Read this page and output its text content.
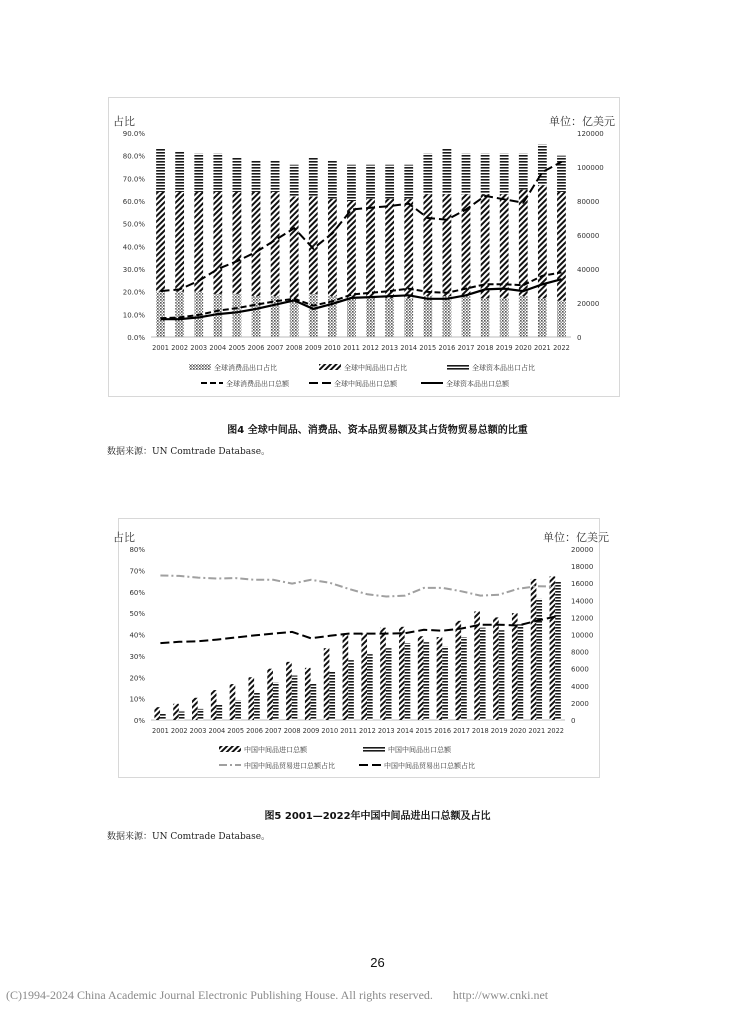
占比	单位：亿美元
0.0%
10.0%
20.0%
30.0%
40.0%
50.0%
60.0%
70.0%
80.0%
90.0%
0
20000
40000
60000
80000
100000
120000
2001 2002 2003 2004 2005 2006 2007 2008 2009 2010 2011 2012 2013 2014 2015 2016 2017 2018 2019 2020 2021 2022
全球消费品出口占比	全球中间品出口占比	全球资本品出口占比
全球消费品出口总额	全球中间品出口总额	全球资本品出口总额
图4 全球中间品、消费品、资本品贸易额及其占货物贸易总额的比重
数据来源：UN Comtrade Database。
占比	单位：亿美元
0%
10%
20%
30%
40%
50%
60%
70%
80%
0
2000
4000
6000
8000
10000
12000
14000
16000
18000
20000
2001 2002 2003 2004 2005 2006 2007 2008 2009 2010 2011 2012 2013 2014 2015 2016 2017 2018 2019 2020 2021 2022
中国中间品进口总额	中国中间品出口总额
中国中间品贸易进口总额占比	中国中间品贸易出口总额占比
图5 2001—2022年中国中间品进出口总额及占比
数据来源：UN Comtrade Database。
26
(C)1994-2024 China Academic Journal Electronic Publishing House. All rights reserved. http://www.cnki.net
